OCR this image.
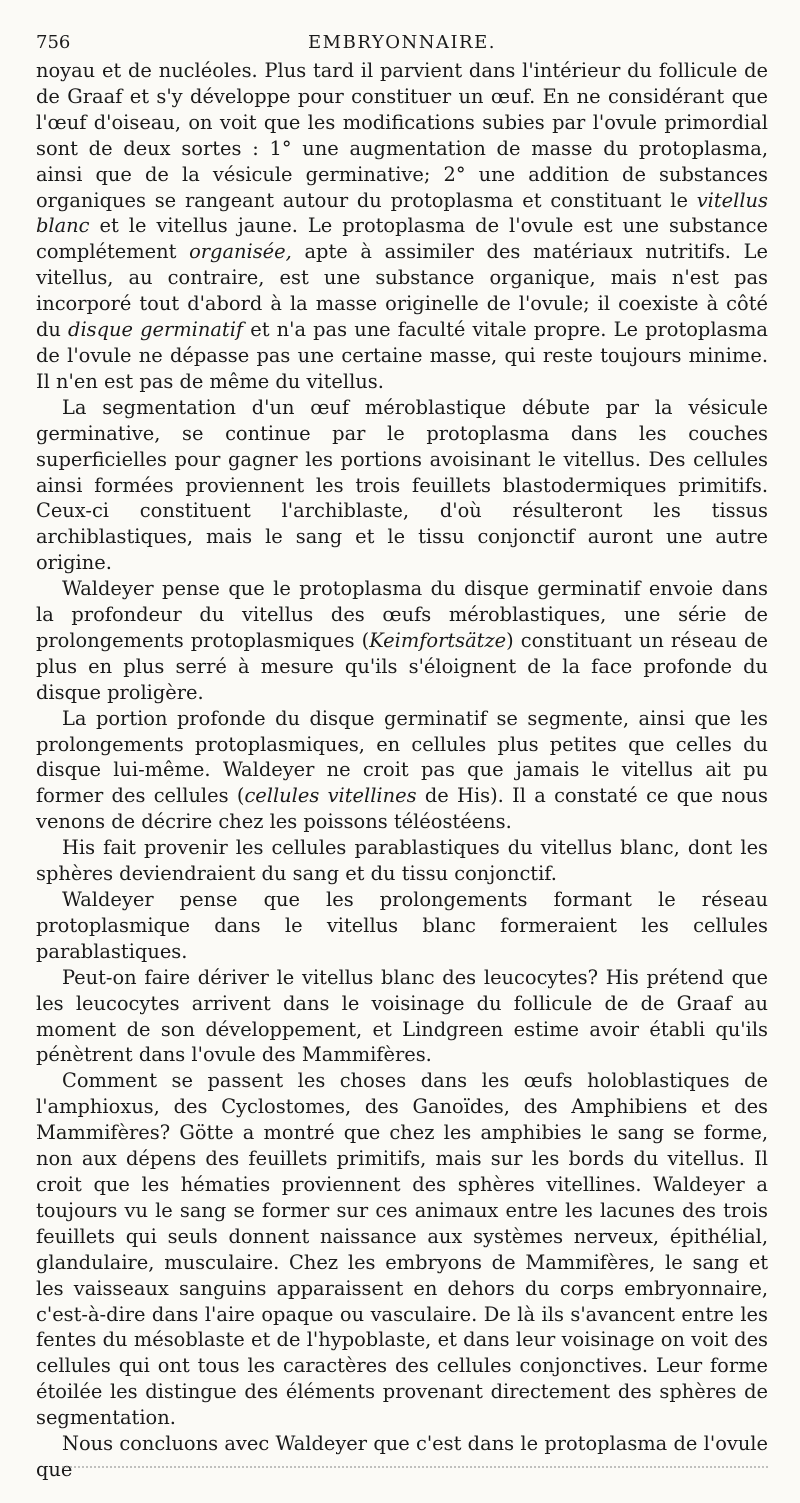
756	EMBRYONNAIRE.

noyau et de nucléoles. Plus tard il parvient dans l'intérieur du follicule de de Graaf et s'y développe pour constituer un œuf. En ne considérant que l'œuf d'oiseau, on voit que les modifications subies par l'ovule primordial sont de deux sortes : 1° une augmentation de masse du protoplasma, ainsi que de la vésicule germinative; 2° une addition de substances organiques se rangeant autour du protoplasma et constituant le vitellus blanc et le vitellus jaune. Le protoplasma de l'ovule est une substance complétement organisée, apte à assimiler des matériaux nutritifs. Le vitellus, au contraire, est une substance organique, mais n'est pas incorporé tout d'abord à la masse originelle de l'ovule; il coexiste à côté du disque germinatif et n'a pas une faculté vitale propre. Le protoplasma de l'ovule ne dépasse pas une certaine masse, qui reste toujours minime. Il n'en est pas de même du vitellus.

La segmentation d'un œuf méroblastique débute par la vésicule germinative, se continue par le protoplasma dans les couches superficielles pour gagner les portions avoisinant le vitellus. Des cellules ainsi formées proviennent les trois feuillets blastodermiques primitifs. Ceux-ci constituent l'archiblaste, d'où résulteront les tissus archiblastiques, mais le sang et le tissu conjonctif auront une autre origine.

Waldeyer pense que le protoplasma du disque germinatif envoie dans la profondeur du vitellus des œufs méroblastiques, une série de prolongements protoplasmiques (Keimfortsätze) constituant un réseau de plus en plus serré à mesure qu'ils s'éloignent de la face profonde du disque proligère.

La portion profonde du disque germinatif se segmente, ainsi que les prolongements protoplasmiques, en cellules plus petites que celles du disque lui-même. Waldeyer ne croit pas que jamais le vitellus ait pu former des cellules (cellules vitellines de His). Il a constaté ce que nous venons de décrire chez les poissons téléostéens.

His fait provenir les cellules parablastiques du vitellus blanc, dont les sphères deviendraient du sang et du tissu conjonctif.

Waldeyer pense que les prolongements formant le réseau protoplasmique dans le vitellus blanc formeraient les cellules parablastiques.

Peut-on faire dériver le vitellus blanc des leucocytes? His prétend que les leucocytes arrivent dans le voisinage du follicule de de Graaf au moment de son développement, et Lindgreen estime avoir établi qu'ils pénètrent dans l'ovule des Mammifères.

Comment se passent les choses dans les œufs holoblastiques de l'amphioxus, des Cyclostomes, des Ganoïdes, des Amphibiens et des Mammifères? Götte a montré que chez les amphibies le sang se forme, non aux dépens des feuillets primitifs, mais sur les bords du vitellus. Il croit que les hématies proviennent des sphères vitellines. Waldeyer a toujours vu le sang se former sur ces animaux entre les lacunes des trois feuillets qui seuls donnent naissance aux systèmes nerveux, épithélial, glandulaire, musculaire. Chez les embryons de Mammifères, le sang et les vaisseaux sanguins apparaissent en dehors du corps embryonnaire, c'est-à-dire dans l'aire opaque ou vasculaire. De là ils s'avancent entre les fentes du mésoblaste et de l'hypoblaste, et dans leur voisinage on voit des cellules qui ont tous les caractères des cellules conjonctives. Leur forme étoilée les distingue des éléments provenant directement des sphères de segmentation.

Nous concluons avec Waldeyer que c'est dans le protoplasma de l'ovule que
